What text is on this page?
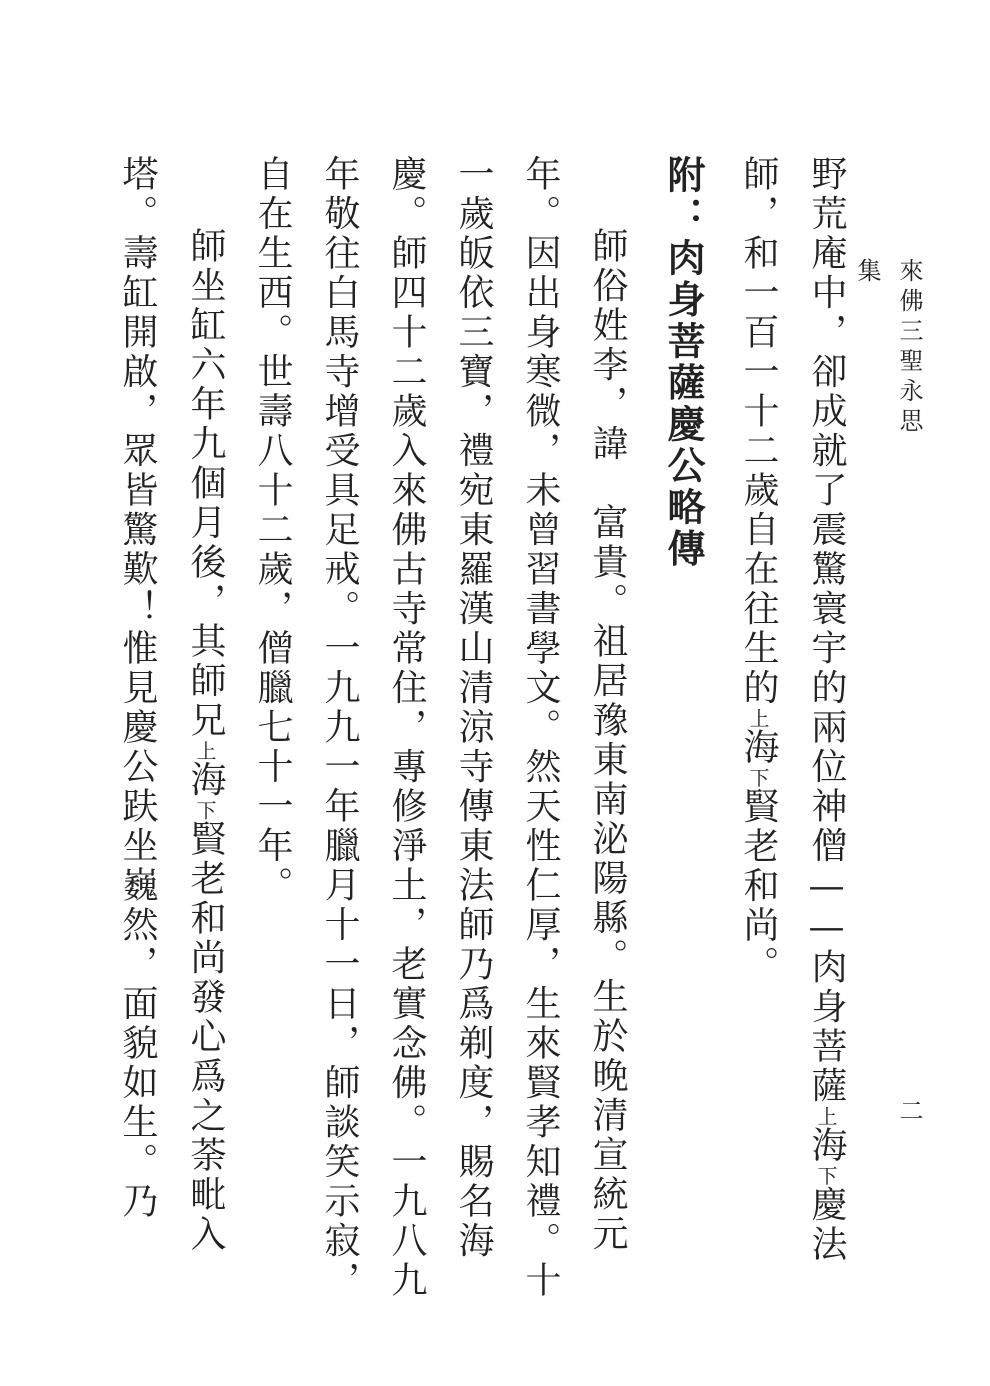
來佛三聖永思集
二

野荒庵中，卻成就了震驚寰宇的兩位神僧——肉身菩薩上海下慶法師，和一百一十二歲自在往生的上海下賢老和尚。

附：肉身菩薩慶公略傳

師俗姓李，諱　富貴。祖居豫東南泌陽縣。生於晚清宣統元年。因出身寒微，未曾習書學文。然天性仁厚，生來賢孝知禮。十一歲皈依三寶，禮宛東羅漢山清涼寺傳東法師乃爲剃度，賜名海慶。師四十二歲入來佛古寺常住，專修淨土，老實念佛。一九八九年敬往白馬寺增受具足戒。一九九一年臘月十一日，師談笑示寂，自在生西。世壽八十二歲，僧臘七十一年。

師坐缸六年九個月後，其師兄上海下賢老和尚發心爲之荼毗入塔。壽缸開啟，眾皆驚歎！惟見慶公趺坐巍然，面貌如生。乃
